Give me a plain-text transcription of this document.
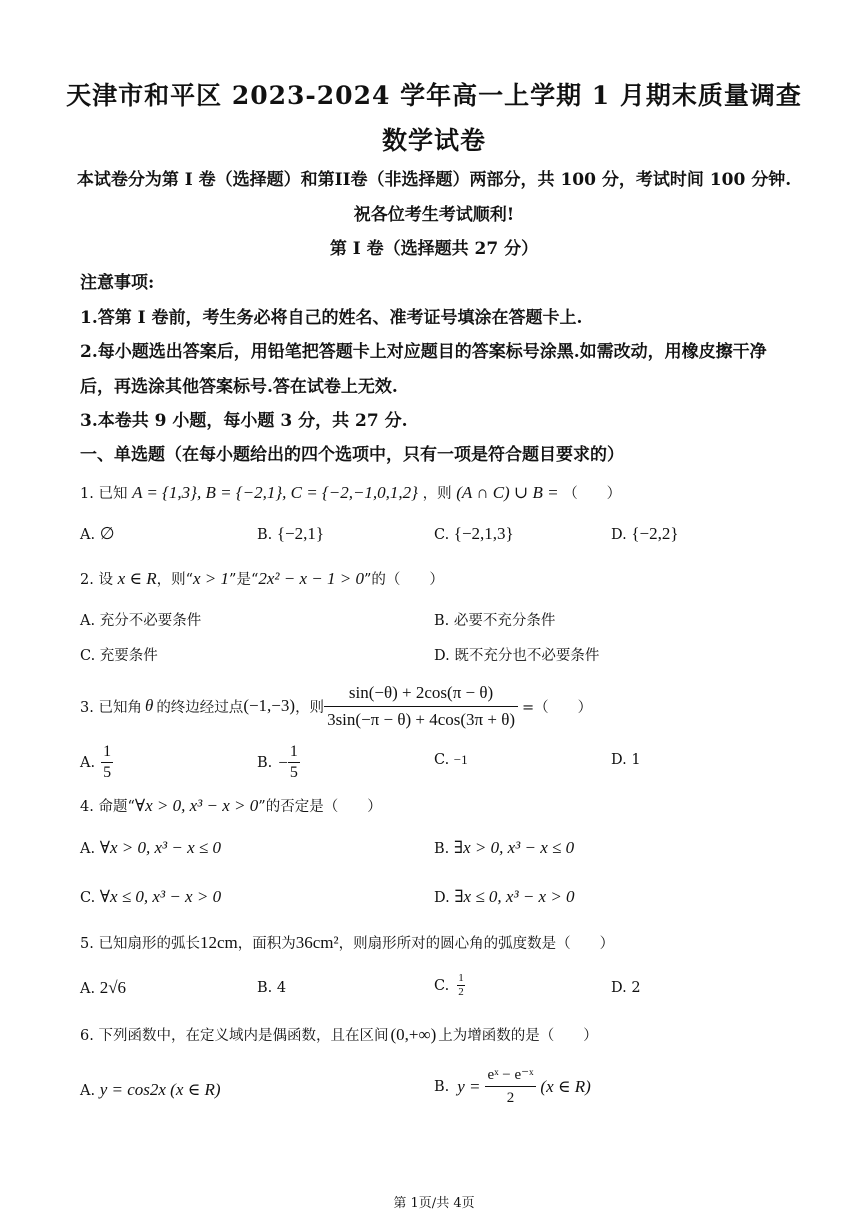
天津市和平区 2023-2024 学年高一上学期 1 月期末质量调查
数学试卷
本试卷分为第 I 卷（选择题）和第II卷（非选择题）两部分，共 100 分，考试时间 100 分钟.
祝各位考生考试顺利!
第 I 卷（选择题共 27 分）
注意事项:
1.答第 I 卷前，考生务必将自己的姓名、准考证号填涂在答题卡上.
2.每小题选出答案后，用铅笔把答题卡上对应题目的答案标号涂黑.如需改动，用橡皮擦干净
后，再选涂其他答案标号.答在试卷上无效.
3.本卷共 9 小题，每小题 3 分，共 27 分.
一、单选题（在每小题给出的四个选项中，只有一项是符合题目要求的）
1. 已知 A = {1,3}, B = {−2,1}, C = {−2,−1,0,1,2} ，则 (A ∩ C) ∪ B = （　　）
A. ∅	B. {−2,1}	C. {−2,1,3}	D. {−2,2}
2. 设 x ∈ R，则“x > 1”是“2x² − x − 1 > 0”的（　　）
A. 充分不必要条件	B. 必要不充分条件
C. 充要条件	D. 既不充分也不必要条件
3. 已知角 θ 的终边经过点 (−1,−3) ，则 $\frac{\sin(-\theta) + 2\cos(\pi - \theta)}{3\sin(-\pi - \theta) + 4\cos(3\pi + \theta)}$ =（　　）
A. $\frac{1}{5}$	B. − $\frac{1}{5}$	C. −1	D. 1
4. 命题“∀x > 0, x³ − x > 0”的否定是（　　）
A. ∀x > 0, x³ − x ≤ 0	B. ∃x > 0, x³ − x ≤ 0
C. ∀x ≤ 0, x³ − x > 0	D. ∃x ≤ 0, x³ − x > 0
5. 已知扇形的弧长12cm，面积为36cm²，则扇形所对的圆心角的弧度数是（　　）
A. 2√6	B. 4	C. $\frac{1}{2}$	D. 2
6. 下列函数中，在定义域内是偶函数，且在区间 (0,+∞) 上为增函数的是（　　）
A. y = cos2x (x ∈ R)	B. $y = \frac{\text{eˣ − e⁻ˣ}}{2} (x$ ∈ R)
第 1页/共 4页
